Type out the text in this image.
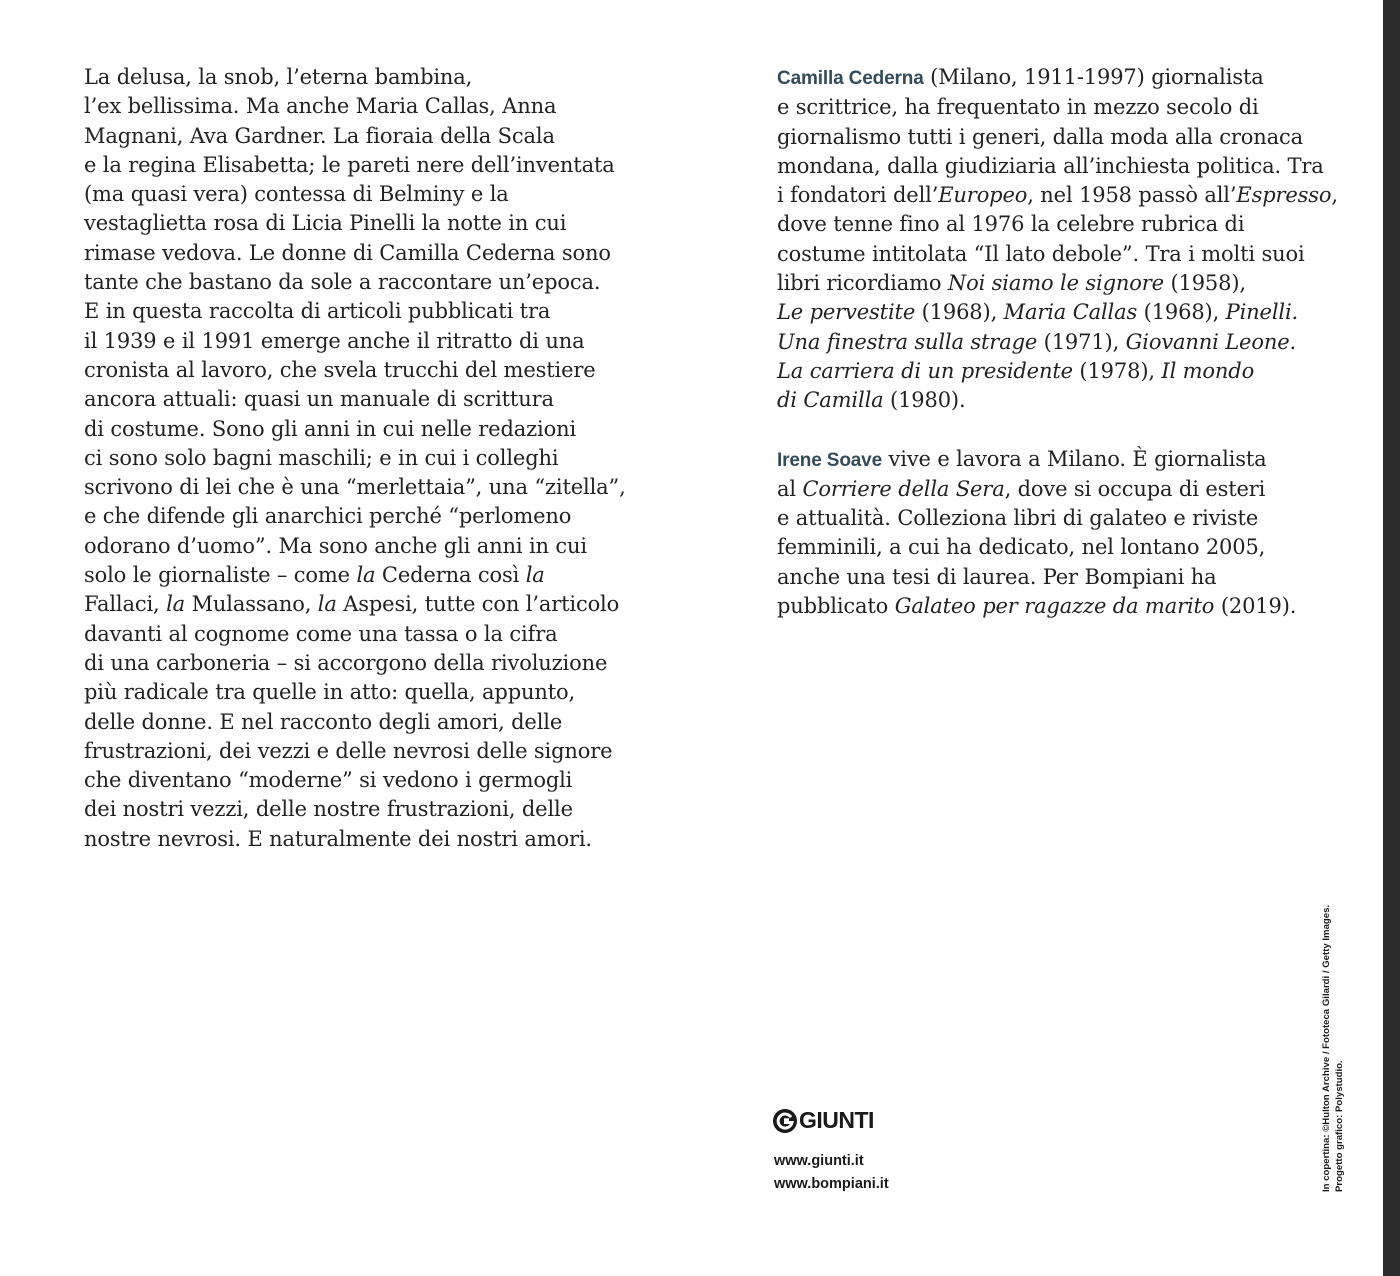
La delusa, la snob, l’eterna bambina,
l’ex bellissima. Ma anche Maria Callas, Anna
Magnani, Ava Gardner. La fioraia della Scala
e la regina Elisabetta; le pareti nere dell’inventata
(ma quasi vera) contessa di Belminy e la
vestaglietta rosa di Licia Pinelli la notte in cui
rimase vedova. Le donne di Camilla Cederna sono
tante che bastano da sole a raccontare un’epoca.
E in questa raccolta di articoli pubblicati tra
il 1939 e il 1991 emerge anche il ritratto di una
cronista al lavoro, che svela trucchi del mestiere
ancora attuali: quasi un manuale di scrittura
di costume. Sono gli anni in cui nelle redazioni
ci sono solo bagni maschili; e in cui i colleghi
scrivono di lei che è una “merlettaia”, una “zitella”,
e che difende gli anarchici perché “perlomeno
odorano d’uomo”. Ma sono anche gli anni in cui
solo le giornaliste – come la Cederna così la
Fallaci, la Mulassano, la Aspesi, tutte con l’articolo
davanti al cognome come una tassa o la cifra
di una carboneria – si accorgono della rivoluzione
più radicale tra quelle in atto: quella, appunto,
delle donne. E nel racconto degli amori, delle
frustrazioni, dei vezzi e delle nevrosi delle signore
che diventano “moderne” si vedono i germogli
dei nostri vezzi, delle nostre frustrazioni, delle
nostre nevrosi. E naturalmente dei nostri amori.
Camilla Cederna (Milano, 1911-1997) giornalista
e scrittrice, ha frequentato in mezzo secolo di
giornalismo tutti i generi, dalla moda alla cronaca
mondana, dalla giudiziaria all’inchiesta politica. Tra
i fondatori dell’Europeo, nel 1958 passò all’Espresso,
dove tenne fino al 1976 la celebre rubrica di
costume intitolata “Il lato debole”. Tra i molti suoi
libri ricordiamo Noi siamo le signore (1958),
Le pervestite (1968), Maria Callas (1968), Pinelli.
Una finestra sulla strage (1971), Giovanni Leone.
La carriera di un presidente (1978), Il mondo
di Camilla (1980).
Irene Soave vive e lavora a Milano. È giornalista
al Corriere della Sera, dove si occupa di esteri
e attualità. Colleziona libri di galateo e riviste
femminili, a cui ha dedicato, nel lontano 2005,
anche una tesi di laurea. Per Bompiani ha
pubblicato Galateo per ragazze da marito (2019).
GIUNTI
www.giunti.it
www.bompiani.it	In copertina: ©Hulton Archive / Fototeca Gilardi / Getty Images. Progetto grafico: Polystudio.
